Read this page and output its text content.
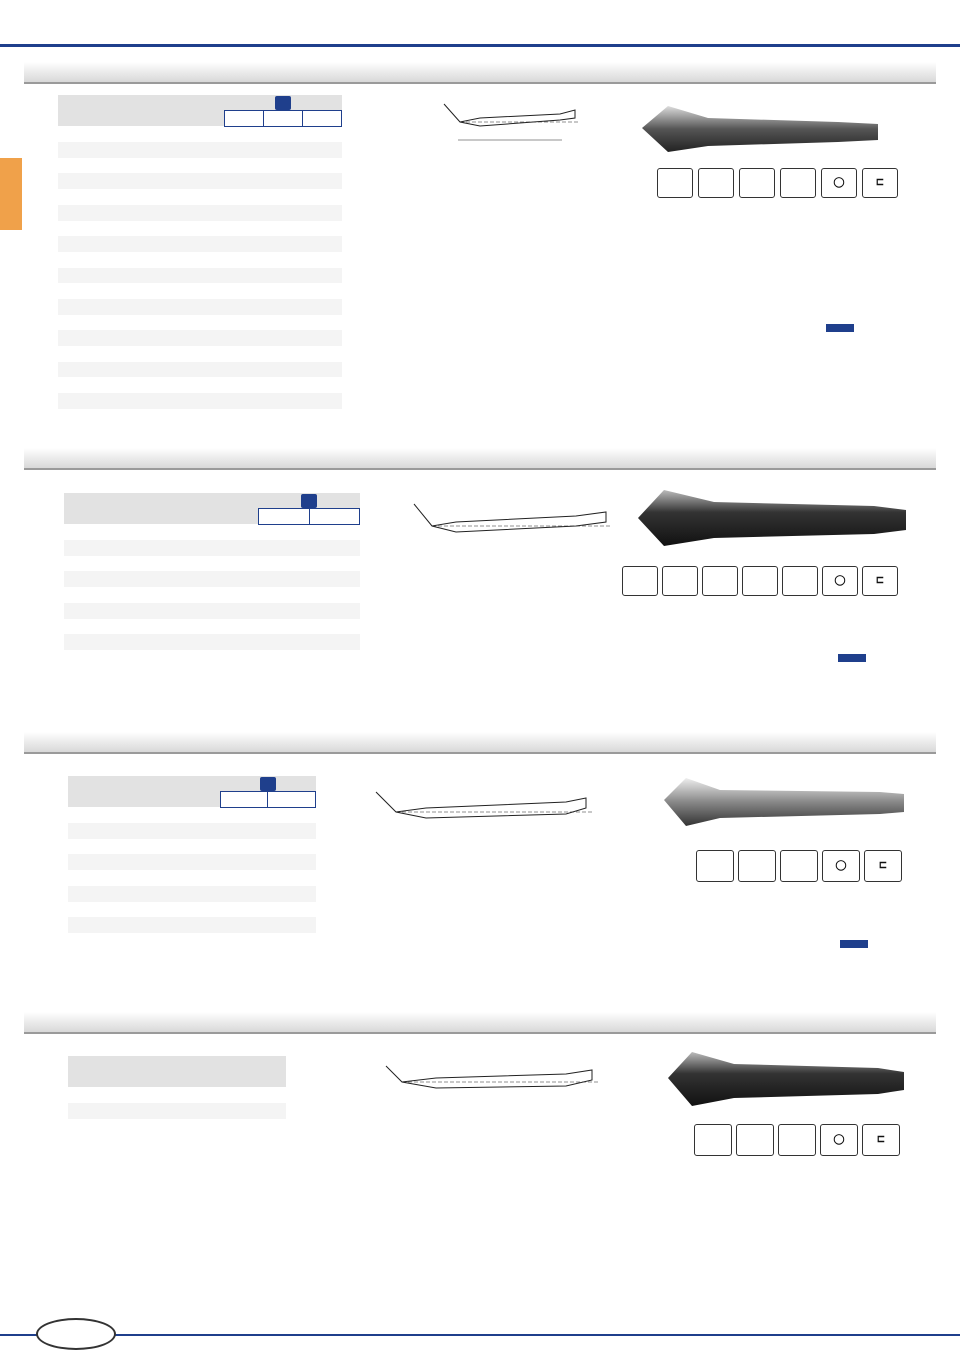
◯	⊏

◯	⊏

◯	⊏

◯	⊏
